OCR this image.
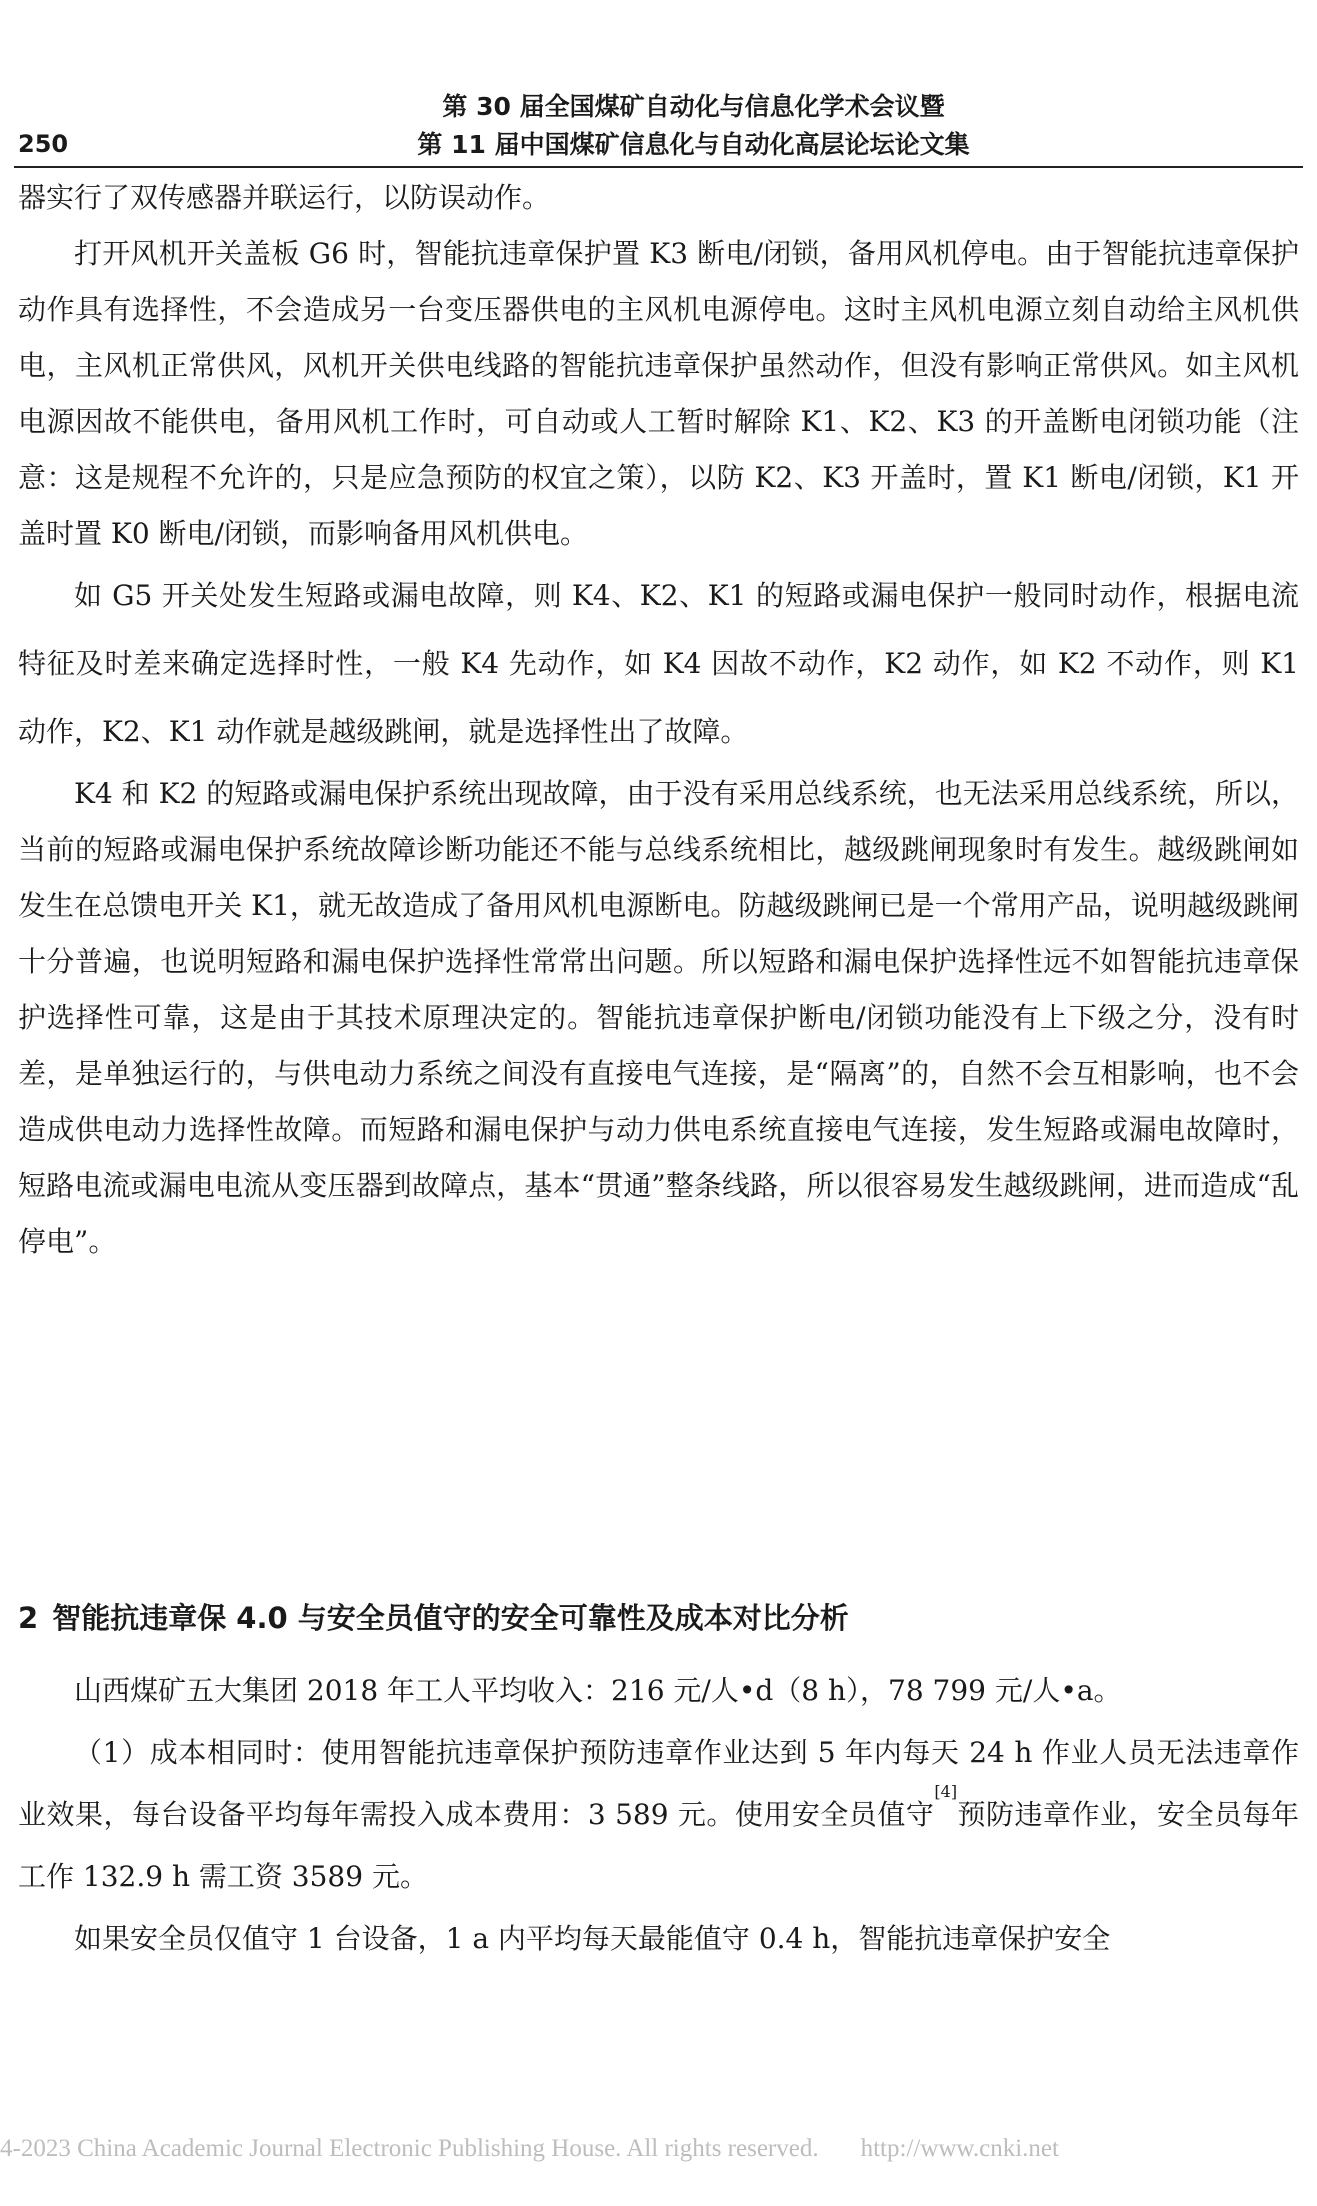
250
第 30 届全国煤矿自动化与信息化学术会议暨
第 11 届中国煤矿信息化与自动化高层论坛论文集

器实行了双传感器并联运行，以防误动作。

打开风机开关盖板 G6 时，智能抗违章保护置 K3 断电/闭锁，备用风机停电。由于智能抗违章保护动作具有选择性，不会造成另一台变压器供电的主风机电源停电。这时主风机电源立刻自动给主风机供电，主风机正常供风，风机开关供电线路的智能抗违章保护虽然动作，但没有影响正常供风。如主风机电源因故不能供电，备用风机工作时，可自动或人工暂时解除 K1、K2、K3 的开盖断电闭锁功能（注意：这是规程不允许的，只是应急预防的权宜之策），以防 K2、K3 开盖时，置 K1 断电/闭锁，K1 开盖时置 K0 断电/闭锁，而影响备用风机供电。

如 G5 开关处发生短路或漏电故障，则 K4、K2、K1 的短路或漏电保护一般同时动作，根据电流特征及时差来确定选择时性，一般 K4 先动作，如 K4 因故不动作，K2 动作，如 K2 不动作，则 K1 动作，K2、K1 动作就是越级跳闸，就是选择性出了故障。

K4 和 K2 的短路或漏电保护系统出现故障，由于没有采用总线系统，也无法采用总线系统，所以，当前的短路或漏电保护系统故障诊断功能还不能与总线系统相比，越级跳闸现象时有发生。越级跳闸如发生在总馈电开关 K1，就无故造成了备用风机电源断电。防越级跳闸已是一个常用产品，说明越级跳闸十分普遍，也说明短路和漏电保护选择性常常出问题。所以短路和漏电保护选择性远不如智能抗违章保护选择性可靠，这是由于其技术原理决定的。智能抗违章保护断电/闭锁功能没有上下级之分，没有时差，是单独运行的，与供电动力系统之间没有直接电气连接，是“隔离”的，自然不会互相影响，也不会造成供电动力选择性故障。而短路和漏电保护与动力供电系统直接电气连接，发生短路或漏电故障时，短路电流或漏电电流从变压器到故障点，基本“贯通”整条线路，所以很容易发生越级跳闸，进而造成“乱停电”。

2 智能抗违章保 4.0 与安全员值守的安全可靠性及成本对比分析

山西煤矿五大集团 2018 年工人平均收入：216 元/人•d（8 h），78 799 元/人•a。

（1）成本相同时：使用智能抗违章保护预防违章作业达到 5 年内每天 24 h 作业人员无法违章作业效果，每台设备平均每年需投入成本费用：3 589 元。使用安全员值守[4]预防违章作业，安全员每年工作 132.9 h 需工资 3589 元。

如果安全员仅值守 1 台设备，1 a 内平均每天最能值守 0.4 h，智能抗违章保护安全

4-2023 China Academic Journal Electronic Publishing House. All rights reserved. http://www.cnki.net
